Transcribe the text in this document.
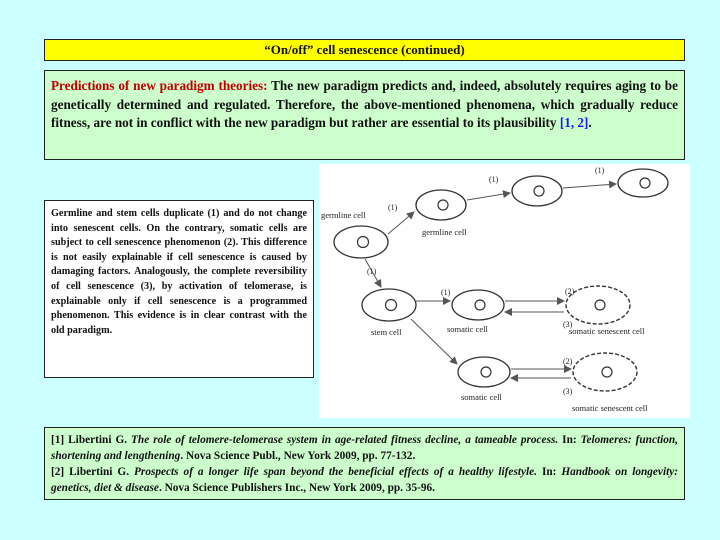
“On/off” cell senescence (continued)
Predictions of new paradigm theories: The new paradigm predicts and, indeed, absolutely requires aging to be genetically determined and regulated. Therefore, the above-mentioned phenomena, which gradually reduce fitness, are not in conflict with the new paradigm but rather are essential to its plausibility [1, 2].
Germline and stem cells duplicate (1) and do not change into senescent cells. On the contrary, somatic cells are subject to cell senescence phenomenon (2). This difference is not easily explainable if cell senescence is caused by damaging factors. Analogously, the complete reversibility of cell senescence (3), by activation of telomerase, is explainable only if cell senescence is a programmed phenomenon. This evidence is in clear contrast with the old paradigm.
germline cell
germline cell
stem cell	somatic cell	somatic senescent cell
somatic cell
somatic senescent cell
(1)
(1)
(1)
(1)
(1)	(2)
(3)
(2)
(3)
[1] Libertini G. The role of telomere-telomerase system in age-related fitness decline, a tameable process. In: Telomeres: function, shortening and lengthening. Nova Science Publ., New York 2009, pp. 77-132.
[2] Libertini G. Prospects of a longer life span beyond the beneficial effects of a healthy lifestyle. In: Handbook on longevity: genetics, diet & disease. Nova Science Publishers Inc., New York 2009, pp. 35-96.
